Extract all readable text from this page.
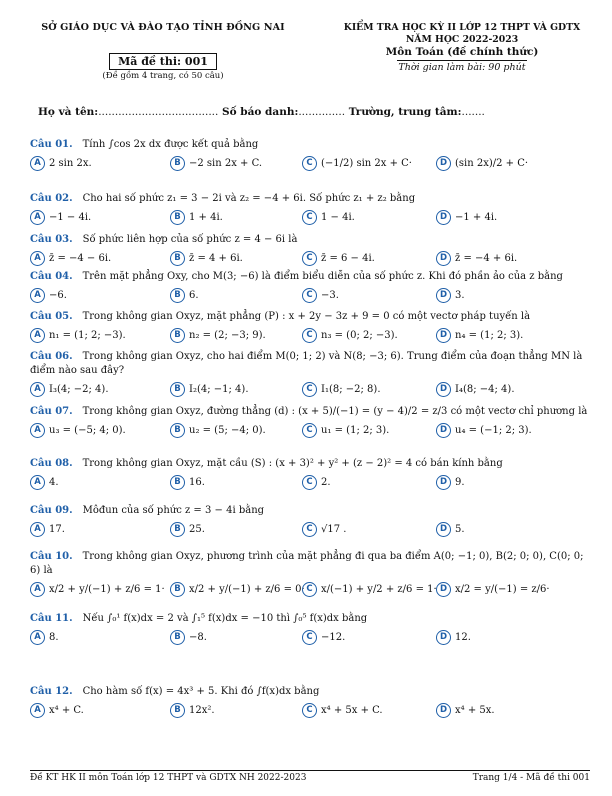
SỞ GIÁO DỤC VÀ ĐÀO TẠO TỈNH ĐỒNG NAI
Mã đề thi: 001
(Đề gồm 4 trang, có 50 câu)
KIỂM TRA HỌC KỲ II LỚP 12 THPT VÀ GDTX
NĂM HỌC 2022-2023
Môn Toán (đề chính thức)
Thời gian làm bài: 90 phút
Họ và tên:.................................... Số báo danh:.............. Trường, trung tâm:.......
Câu 01. Tính ∫cos 2x dx được kết quả bằng
A 2 sin 2x.	B −2 sin 2x + C.	C (−1/2) sin 2x + C·	D (sin 2x)/2 + C·
Câu 02. Cho hai số phức z₁ = 3 − 2i và z₂ = −4 + 6i. Số phức z₁ + z₂ bằng
A −1 − 4i.	B 1 + 4i.	C 1 − 4i.	D −1 + 4i.
Câu 03. Số phức liên hợp của số phức z = 4 − 6i là
A z̄ = −4 − 6i.	B z̄ = 4 + 6i.	C z̄ = 6 − 4i.	D z̄ = −4 + 6i.
Câu 04. Trên mặt phẳng Oxy, cho M(3; −6) là điểm biểu diễn của số phức z. Khi đó phần ảo của z bằng
A −6.	B 6.	C −3.	D 3.
Câu 05. Trong không gian Oxyz, mặt phẳng (P) : x + 2y − 3z + 9 = 0 có một vectơ pháp tuyến là
A n₁ = (1; 2; −3).	B n₂ = (2; −3; 9).	C n₃ = (0; 2; −3).	D n₄ = (1; 2; 3).
Câu 06. Trong không gian Oxyz, cho hai điểm M(0; 1; 2) và N(8; −3; 6). Trung điểm của đoạn thẳng MN là điểm nào sau đây?
A I₃(4; −2; 4).	B I₂(4; −1; 4).	C I₁(8; −2; 8).	D I₄(8; −4; 4).
Câu 07. Trong không gian Oxyz, đường thẳng (d) : (x + 5)/(−1) = (y − 4)/2 = z/3 có một vectơ chỉ phương là
A u₃ = (−5; 4; 0).	B u₂ = (5; −4; 0).	C u₁ = (1; 2; 3).	D u₄ = (−1; 2; 3).
Câu 08. Trong không gian Oxyz, mặt cầu (S) : (x + 3)² + y² + (z − 2)² = 4 có bán kính bằng
A 4.	B 16.	C 2.	D 9.
Câu 09. Môđun của số phức z = 3 − 4i bằng
A 17.	B 25.	C √17 .	D 5.
Câu 10. Trong không gian Oxyz, phương trình của mặt phẳng đi qua ba điểm A(0; −1; 0), B(2; 0; 0), C(0; 0; 6) là
A x/2 + y/(−1) + z/6 = 1·	B x/2 + y/(−1) + z/6 = 0· C x/(−1) + y/2 + z/6 = 1· D x/2 = y/(−1) = z/6·
Câu 11. Nếu ∫₀¹ f(x)dx = 2 và ∫₁⁵ f(x)dx = −10 thì ∫₀⁵ f(x)dx bằng
A 8.	B −8.	C −12.	D 12.
Câu 12. Cho hàm số f(x) = 4x³ + 5. Khi đó ∫f(x)dx bằng
A x⁴ + C.	B 12x².	C x⁴ + 5x + C.	D x⁴ + 5x.
Đề KT HK II môn Toán lớp 12 THPT và GDTX NH 2022-2023	Trang 1/4 - Mã đề thi 001
